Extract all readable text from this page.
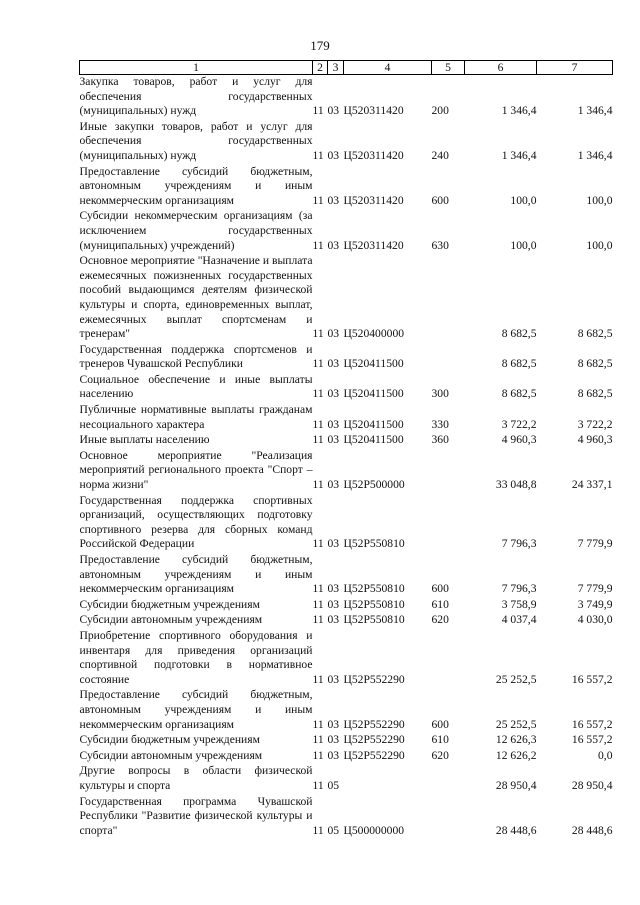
179
1	2	3	4	5	6	7
Закупка товаров, работ и услуг для обеспечения государственных (муниципальных) нужд	11	03	Ц520311420	200	1 346,4	1 346,4
Иные закупки товаров, работ и услуг для обеспечения государственных (муниципальных) нужд	11	03	Ц520311420	240	1 346,4	1 346,4
Предоставление субсидий бюджетным, автономным учреждениям и иным некоммерческим организациям	11	03	Ц520311420	600	100,0	100,0
Субсидии некоммерческим организациям (за исключением государственных (муниципальных) учреждений)	11	03	Ц520311420	630	100,0	100,0
Основное мероприятие "Назначение и выплата ежемесячных пожизненных государственных пособий выдающимся деятелям физической культуры и спорта, единовременных выплат, ежемесячных выплат спортсменам и тренерам"	11	03	Ц520400000		8 682,5	8 682,5
Государственная поддержка спортсменов и тренеров Чувашской Республики	11	03	Ц520411500		8 682,5	8 682,5
Социальное обеспечение и иные выплаты населению	11	03	Ц520411500	300	8 682,5	8 682,5
Публичные нормативные выплаты гражданам несоциального характера	11	03	Ц520411500	330	3 722,2	3 722,2
Иные выплаты населению	11	03	Ц520411500	360	4 960,3	4 960,3
Основное мероприятие "Реализация мероприятий регионального проекта "Спорт – норма жизни"	11	03	Ц52P500000		33 048,8	24 337,1
Государственная поддержка спортивных организаций, осуществляющих подготовку спортивного резерва для сборных команд Российской Федерации	11	03	Ц52P550810		7 796,3	7 779,9
Предоставление субсидий бюджетным, автономным учреждениям и иным некоммерческим организациям	11	03	Ц52P550810	600	7 796,3	7 779,9
Субсидии бюджетным учреждениям	11	03	Ц52P550810	610	3 758,9	3 749,9
Субсидии автономным учреждениям	11	03	Ц52P550810	620	4 037,4	4 030,0
Приобретение спортивного оборудования и инвентаря для приведения организаций спортивной подготовки в нормативное состояние	11	03	Ц52P552290		25 252,5	16 557,2
Предоставление субсидий бюджетным, автономным учреждениям и иным некоммерческим организациям	11	03	Ц52P552290	600	25 252,5	16 557,2
Субсидии бюджетным учреждениям	11	03	Ц52P552290	610	12 626,3	16 557,2
Субсидии автономным учреждениям	11	03	Ц52P552290	620	12 626,2	0,0
Другие вопросы в области физической культуры и спорта	11	05			28 950,4	28 950,4
Государственная программа Чувашской Республики "Развитие физической культуры и спорта"	11	05	Ц500000000		28 448,6	28 448,6
